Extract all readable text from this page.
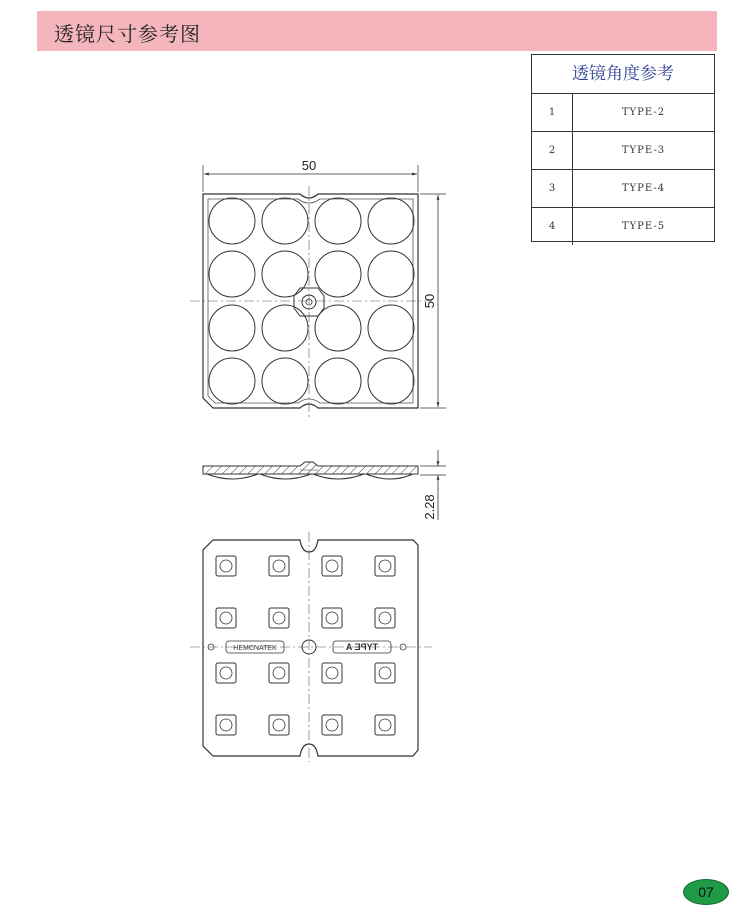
透镜尺寸参考图
透镜角度参考
1	TYPE-2
2	TYPE-3
3	TYPE-4
4	TYPE-5
50
50
2.28
HEMCNATEK	TYPE A
07
